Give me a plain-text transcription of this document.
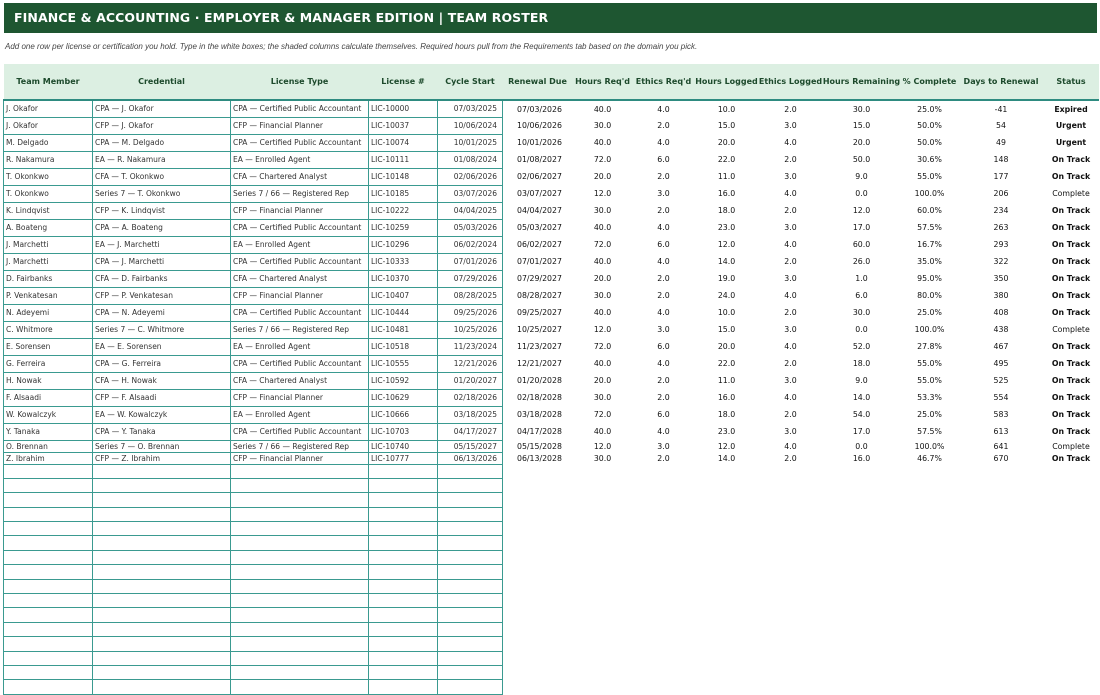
FINANCE & ACCOUNTING · EMPLOYER & MANAGER EDITION | TEAM ROSTER
Add one row per license or certification you hold. Type in the white boxes; the shaded columns calculate themselves. Required hours pull from the Requirements tab based on the domain you pick.
Team Member	Credential	License Type	License #	Cycle Start	Renewal Due	Hours Req'd	Ethics Req'd	Hours Logged	Ethics Logged	Hours Remaining	% Complete	Days to Renewal	Status
J. Okafor	CPA — J. Okafor	CPA — Certified Public Accountant	LIC-10000	07/03/2025	07/03/2026	40.0	4.0	10.0	2.0	30.0	25.0%	-41	Expired
J. Okafor	CFP — J. Okafor	CFP — Financial Planner	LIC-10037	10/06/2024	10/06/2026	30.0	2.0	15.0	3.0	15.0	50.0%	54	Urgent
M. Delgado	CPA — M. Delgado	CPA — Certified Public Accountant	LIC-10074	10/01/2025	10/01/2026	40.0	4.0	20.0	4.0	20.0	50.0%	49	Urgent
R. Nakamura	EA — R. Nakamura	EA — Enrolled Agent	LIC-10111	01/08/2024	01/08/2027	72.0	6.0	22.0	2.0	50.0	30.6%	148	On Track
T. Okonkwo	CFA — T. Okonkwo	CFA — Chartered Analyst	LIC-10148	02/06/2026	02/06/2027	20.0	2.0	11.0	3.0	9.0	55.0%	177	On Track
T. Okonkwo	Series 7 — T. Okonkwo	Series 7 / 66 — Registered Rep	LIC-10185	03/07/2026	03/07/2027	12.0	3.0	16.0	4.0	0.0	100.0%	206	Complete
K. Lindqvist	CFP — K. Lindqvist	CFP — Financial Planner	LIC-10222	04/04/2025	04/04/2027	30.0	2.0	18.0	2.0	12.0	60.0%	234	On Track
A. Boateng	CPA — A. Boateng	CPA — Certified Public Accountant	LIC-10259	05/03/2026	05/03/2027	40.0	4.0	23.0	3.0	17.0	57.5%	263	On Track
J. Marchetti	EA — J. Marchetti	EA — Enrolled Agent	LIC-10296	06/02/2024	06/02/2027	72.0	6.0	12.0	4.0	60.0	16.7%	293	On Track
J. Marchetti	CPA — J. Marchetti	CPA — Certified Public Accountant	LIC-10333	07/01/2026	07/01/2027	40.0	4.0	14.0	2.0	26.0	35.0%	322	On Track
D. Fairbanks	CFA — D. Fairbanks	CFA — Chartered Analyst	LIC-10370	07/29/2026	07/29/2027	20.0	2.0	19.0	3.0	1.0	95.0%	350	On Track
P. Venkatesan	CFP — P. Venkatesan	CFP — Financial Planner	LIC-10407	08/28/2025	08/28/2027	30.0	2.0	24.0	4.0	6.0	80.0%	380	On Track
N. Adeyemi	CPA — N. Adeyemi	CPA — Certified Public Accountant	LIC-10444	09/25/2026	09/25/2027	40.0	4.0	10.0	2.0	30.0	25.0%	408	On Track
C. Whitmore	Series 7 — C. Whitmore	Series 7 / 66 — Registered Rep	LIC-10481	10/25/2026	10/25/2027	12.0	3.0	15.0	3.0	0.0	100.0%	438	Complete
E. Sorensen	EA — E. Sorensen	EA — Enrolled Agent	LIC-10518	11/23/2024	11/23/2027	72.0	6.0	20.0	4.0	52.0	27.8%	467	On Track
G. Ferreira	CPA — G. Ferreira	CPA — Certified Public Accountant	LIC-10555	12/21/2026	12/21/2027	40.0	4.0	22.0	2.0	18.0	55.0%	495	On Track
H. Nowak	CFA — H. Nowak	CFA — Chartered Analyst	LIC-10592	01/20/2027	01/20/2028	20.0	2.0	11.0	3.0	9.0	55.0%	525	On Track
F. Alsaadi	CFP — F. Alsaadi	CFP — Financial Planner	LIC-10629	02/18/2026	02/18/2028	30.0	2.0	16.0	4.0	14.0	53.3%	554	On Track
W. Kowalczyk	EA — W. Kowalczyk	EA — Enrolled Agent	LIC-10666	03/18/2025	03/18/2028	72.0	6.0	18.0	2.0	54.0	25.0%	583	On Track
Y. Tanaka	CPA — Y. Tanaka	CPA — Certified Public Accountant	LIC-10703	04/17/2027	04/17/2028	40.0	4.0	23.0	3.0	17.0	57.5%	613	On Track
O. Brennan	Series 7 — O. Brennan	Series 7 / 66 — Registered Rep	LIC-10740	05/15/2027	05/15/2028	12.0	3.0	12.0	4.0	0.0	100.0%	641	Complete
Z. Ibrahim	CFP — Z. Ibrahim	CFP — Financial Planner	LIC-10777	06/13/2026	06/13/2028	30.0	2.0	14.0	2.0	16.0	46.7%	670	On Track
